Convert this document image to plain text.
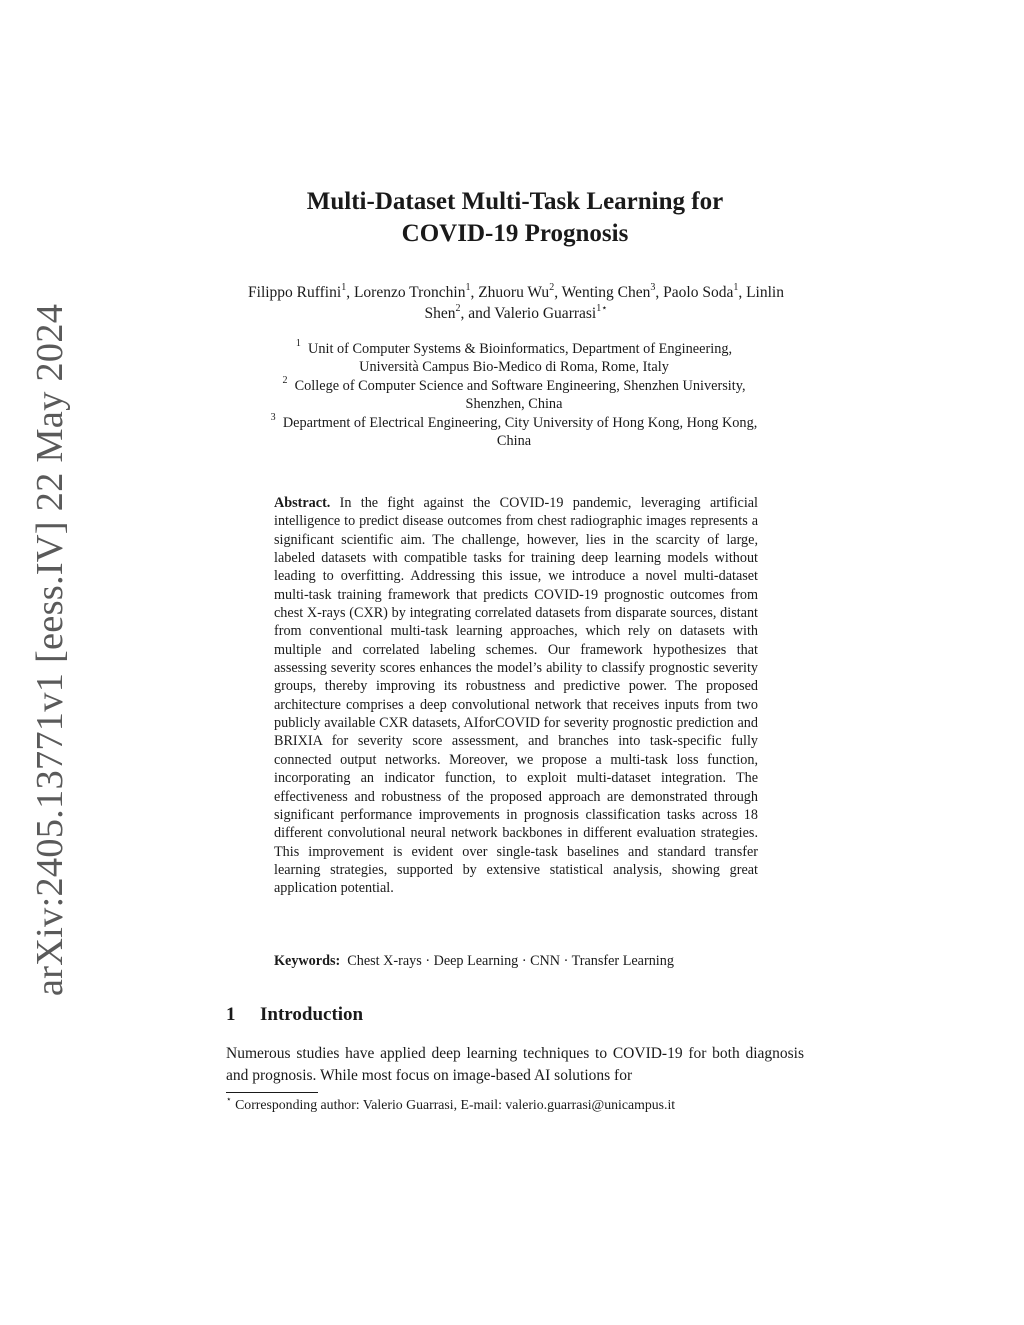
arXiv:2405.13771v1 [eess.IV] 22 May 2024
Multi-Dataset Multi-Task Learning for
COVID-19 Prognosis
Filippo Ruffini$^1$, Lorenzo Tronchin$^1$, Zhuoru Wu$^2$, Wenting Chen$^3$, Paolo Soda$^1$, Linlin Shen$^2$, and Valerio Guarrasi$^{1⋆}$
$^1$ Unit of Computer Systems & Bioinformatics, Department of Engineering,
Università Campus Bio-Medico di Roma, Rome, Italy
$^2$ College of Computer Science and Software Engineering, Shenzhen University,
Shenzhen, China
$^3$ Department of Electrical Engineering, City University of Hong Kong, Hong Kong,
China
Abstract. In the fight against the COVID-19 pandemic, leveraging artificial intelligence to predict disease outcomes from chest radiographic images represents a significant scientific aim. The challenge, however, lies in the scarcity of large, labeled datasets with compatible tasks for training deep learning models without leading to overfitting. Addressing this issue, we introduce a novel multi-dataset multi-task training framework that predicts COVID-19 prognostic outcomes from chest X-rays (CXR) by integrating correlated datasets from disparate sources, distant from conventional multi-task learning approaches, which rely on datasets with multiple and correlated labeling schemes. Our framework hypothesizes that assessing severity scores enhances the model’s ability to classify prognostic severity groups, thereby improving its robustness and predictive power. The proposed architecture comprises a deep convolutional network that receives inputs from two publicly available CXR datasets, AIforCOVID for severity prognostic prediction and BRIXIA for severity score assessment, and branches into task-specific fully connected output networks. Moreover, we propose a multi-task loss function, incorporating an indicator function, to exploit multi-dataset integration. The effectiveness and robustness of the proposed approach are demonstrated through significant performance improvements in prognosis classification tasks across 18 different convolutional neural network backbones in different evaluation strategies. This improvement is evident over single-task baselines and standard transfer learning strategies, supported by extensive statistical analysis, showing great application potential.
Keywords: Chest X-rays · Deep Learning · CNN · Transfer Learning
1 Introduction
Numerous studies have applied deep learning techniques to COVID-19 for both diagnosis and prognosis. While most focus on image-based AI solutions for
⋆ Corresponding author: Valerio Guarrasi, E-mail: valerio.guarrasi@unicampus.it
